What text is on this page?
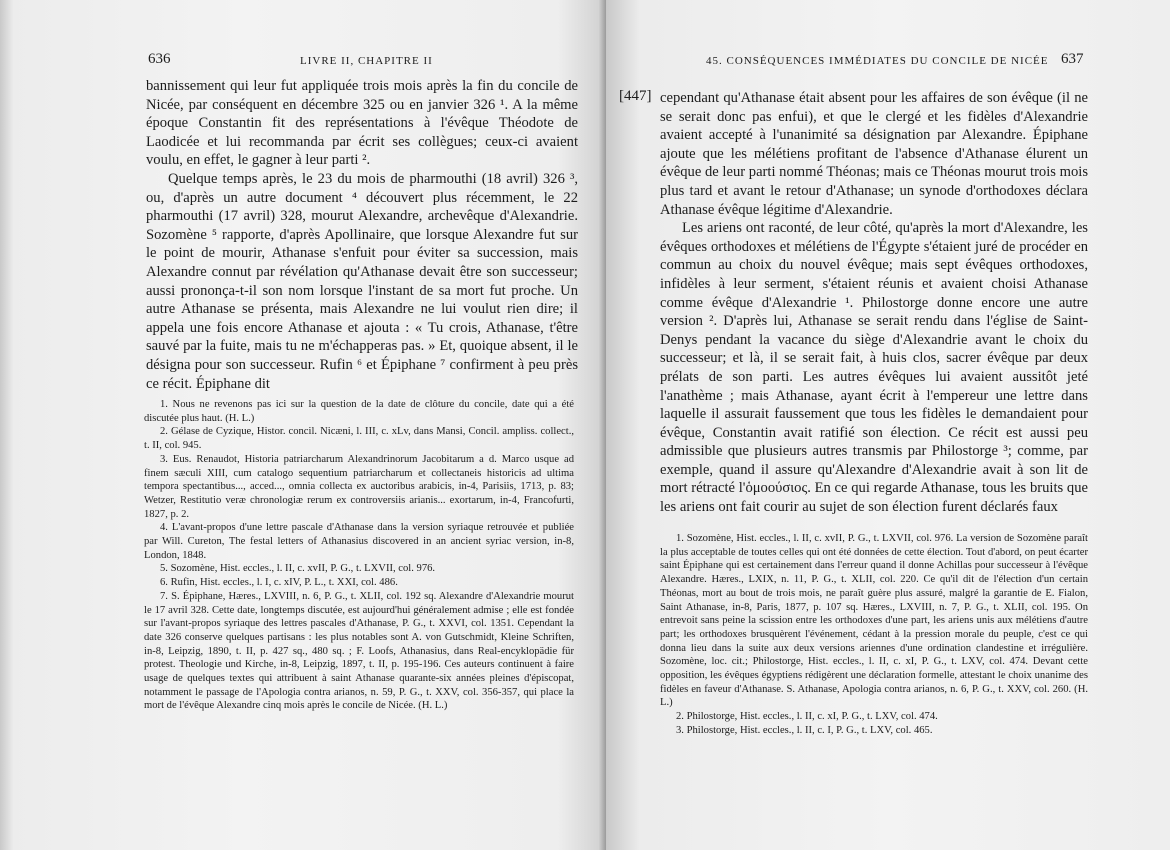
636	LIVRE II, CHAPITRE II

bannissement qui leur fut appliquée trois mois après la fin du concile de Nicée, par conséquent en décembre 325 ou en janvier 326 ¹. A la même époque Constantin fit des représentations à l'évêque Théodote de Laodicée et lui recommanda par écrit ses collègues; ceux-ci avaient voulu, en effet, le gagner à leur parti ².

Quelque temps après, le 23 du mois de pharmouthi (18 avril) 326 ³, ou, d'après un autre document ⁴ découvert plus récemment, le 22 pharmouthi (17 avril) 328, mourut Alexandre, archevêque d'Alexandrie. Sozomène ⁵ rapporte, d'après Apollinaire, que lorsque Alexandre fut sur le point de mourir, Athanase s'enfuit pour éviter sa succession, mais Alexandre connut par révélation qu'Athanase devait être son successeur; aussi prononça-t-il son nom lorsque l'instant de sa mort fut proche. Un autre Athanase se présenta, mais Alexandre ne lui voulut rien dire; il appela une fois encore Athanase et ajouta : « Tu crois, Athanase, t'être sauvé par la fuite, mais tu ne m'échapperas pas. » Et, quoique absent, il le désigna pour son successeur. Rufin ⁶ et Épiphane ⁷ confirment à peu près ce récit. Épiphane dit

1. Nous ne revenons pas ici sur la question de la date de clôture du concile, date qui a été discutée plus haut. (H. L.)

2. Gélase de Cyzique, Histor. concil. Nicæni, l. III, c. xLv, dans Mansi, Concil. ampliss. collect., t. II, col. 945.

3. Eus. Renaudot, Historia patriarcharum Alexandrinorum Jacobitarum a d. Marco usque ad finem sæculi XIII, cum catalogo sequentium patriarcharum et collectaneis historicis ad ultima tempora spectantibus..., acced..., omnia collecta ex auctoribus arabicis, in-4, Parisiis, 1713, p. 83; Wetzer, Restitutio veræ chronologiæ rerum ex controversiis arianis... exortarum, in-4, Francofurti, 1827, p. 2.

4. L'avant-propos d'une lettre pascale d'Athanase dans la version syriaque retrouvée et publiée par Will. Cureton, The festal letters of Athanasius discovered in an ancient syriac version, in-8, London, 1848.

5. Sozomène, Hist. eccles., l. II, c. xvII, P. G., t. LXVII, col. 976.

6. Rufin, Hist. eccles., l. I, c. xIV, P. L., t. XXI, col. 486.

7. S. Épiphane, Hæres., LXVIII, n. 6, P. G., t. XLII, col. 192 sq. Alexandre d'Alexandrie mourut le 17 avril 328. Cette date, longtemps discutée, est aujourd'hui généralement admise ; elle est fondée sur l'avant-propos syriaque des lettres pascales d'Athanase, P. G., t. XXVI, col. 1351. Cependant la date 326 conserve quelques partisans : les plus notables sont A. von Gutschmidt, Kleine Schriften, in-8, Leipzig, 1890, t. II, p. 427 sq., 480 sq. ; F. Loofs, Athanasius, dans Real-encyklopädie für protest. Theologie und Kirche, in-8, Leipzig, 1897, t. II, p. 195-196. Ces auteurs continuent à faire usage de quelques textes qui attribuent à saint Athanase quarante-six années pleines d'épiscopat, notamment le passage de l'Apologia contra arianos, n. 59, P. G., t. XXV, col. 356-357, qui place la mort de l'évêque Alexandre cinq mois après le concile de Nicée. (H. L.)

45. CONSÉQUENCES IMMÉDIATES DU CONCILE DE NICÉE 637
[447] cependant qu'Athanase était absent pour les affaires de son évêque (il ne se serait donc pas enfui), et que le clergé et les fidèles d'Alexandrie avaient accepté à l'unanimité sa désignation par Alexandre. Épiphane ajoute que les mélétiens profitant de l'absence d'Athanase élurent un évêque de leur parti nommé Théonas; mais ce Théonas mourut trois mois plus tard et avant le retour d'Athanase; un synode d'orthodoxes déclara Athanase évêque légitime d'Alexandrie.

Les ariens ont raconté, de leur côté, qu'après la mort d'Alexandre, les évêques orthodoxes et mélétiens de l'Égypte s'étaient juré de procéder en commun au choix du nouvel évêque; mais sept évêques orthodoxes, infidèles à leur serment, s'étaient réunis et avaient choisi Athanase comme évêque d'Alexandrie ¹. Philostorge donne encore une autre version ². D'après lui, Athanase se serait rendu dans l'église de Saint-Denys pendant la vacance du siège d'Alexandrie avant le choix du successeur; et là, il se serait fait, à huis clos, sacrer évêque par deux prélats de son parti. Les autres évêques lui avaient aussitôt jeté l'anathème ; mais Athanase, ayant écrit à l'empereur une lettre dans laquelle il assurait faussement que tous les fidèles le demandaient pour évêque, Constantin avait ratifié son élection. Ce récit est aussi peu admissible que plusieurs autres transmis par Philostorge ³; comme, par exemple, quand il assure qu'Alexandre d'Alexandrie avait à son lit de mort rétracté l'ὁμοούσιος. En ce qui regarde Athanase, tous les bruits que les ariens ont fait courir au sujet de son élection furent déclarés faux

1. Sozomène, Hist. eccles., l. II, c. xvII, P. G., t. LXVII, col. 976. La version de Sozomène paraît la plus acceptable de toutes celles qui ont été données de cette élection. Tout d'abord, on peut écarter saint Épiphane qui est certainement dans l'erreur quand il donne Achillas pour successeur à l'évêque Alexandre. Hæres., LXIX, n. 11, P. G., t. XLII, col. 220. Ce qu'il dit de l'élection d'un certain Théonas, mort au bout de trois mois, ne paraît guère plus assuré, malgré la garantie de E. Fialon, Saint Athanase, in-8, Paris, 1877, p. 107 sq. Hæres., LXVIII, n. 7, P. G., t. XLII, col. 195. On entrevoit sans peine la scission entre les orthodoxes d'une part, les ariens unis aux mélétiens d'autre part; les orthodoxes brusquèrent l'événement, cédant à la pression morale du peuple, c'est ce qui donna lieu dans la suite aux deux versions ariennes d'une ordination clandestine et irrégulière. Sozomène, loc. cit.; Philostorge, Hist. eccles., l. II, c. xI, P. G., t. LXV, col. 474. Devant cette opposition, les évêques égyptiens rédigèrent une déclaration formelle, attestant le choix unanime des fidèles en faveur d'Athanase. S. Athanase, Apologia contra arianos, n. 6, P. G., t. XXV, col. 260. (H. L.)

2. Philostorge, Hist. eccles., l. II, c. xI, P. G., t. LXV, col. 474.

3. Philostorge, Hist. eccles., l. II, c. I, P. G., t. LXV, col. 465.
